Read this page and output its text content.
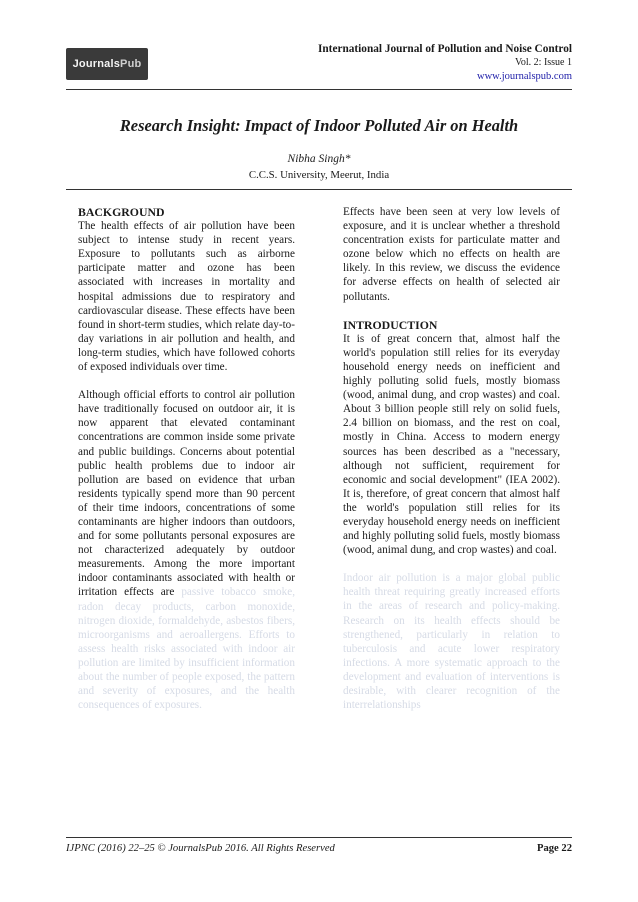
JournalsPub
International Journal of Pollution and Noise Control
Vol. 2: Issue 1
www.journalspub.com
Research Insight: Impact of Indoor Polluted Air on Health
Nibha Singh*
C.C.S. University, Meerut, India
BACKGROUND

The health effects of air pollution have been subject to intense study in recent years. Exposure to pollutants such as airborne participate matter and ozone has been associated with increases in mortality and hospital admissions due to respiratory and cardiovascular disease. These effects have been found in short-term studies, which relate day-to-day variations in air pollution and health, and long-term studies, which have followed cohorts of exposed individuals over time.

Although official efforts to control air pollution have traditionally focused on outdoor air, it is now apparent that elevated contaminant concentrations are common inside some private and public buildings. Concerns about potential public health problems due to indoor air pollution are based on evidence that urban residents typically spend more than 90 percent of their time indoors, concentrations of some contaminants are higher indoors than outdoors, and for some pollutants personal exposures are not characterized adequately by outdoor measurements. Among the more important indoor contaminants associated with health or irritation effects are passive tobacco smoke, radon decay products, carbon monoxide, nitrogen dioxide, formaldehyde, asbestos fibers, microorganisms and aeroallergens. Efforts to assess health risks associated with indoor air pollution are limited by insufficient information about the number of people exposed, the pattern and severity of exposures, and the health consequences of exposures.

Effects have been seen at very low levels of exposure, and it is unclear whether a threshold concentration exists for particulate matter and ozone below which no effects on health are likely. In this review, we discuss the evidence for adverse effects on health of selected air pollutants.

INTRODUCTION

It is of great concern that, almost half the world's population still relies for its everyday household energy needs on inefficient and highly polluting solid fuels, mostly biomass (wood, animal dung, and crop wastes) and coal. About 3 billion people still rely on solid fuels, 2.4 billion on biomass, and the rest on coal, mostly in China. Access to modern energy sources has been described as a "necessary, although not sufficient, requirement for economic and social development" (IEA 2002). It is, therefore, of great concern that almost half the world's population still relies for its everyday household energy needs on inefficient and highly polluting solid fuels, mostly biomass (wood, animal dung, and crop wastes) and coal.

Indoor air pollution is a major global public health threat requiring greatly increased efforts in the areas of research and policy-making. Research on its health effects should be strengthened, particularly in relation to tuberculosis and acute lower respiratory infections. A more systematic approach to the development and evaluation of interventions is desirable, with clearer recognition of the interrelationships

IJPNC (2016) 22–25 © JournalsPub 2016. All Rights Reserved	Page 22
